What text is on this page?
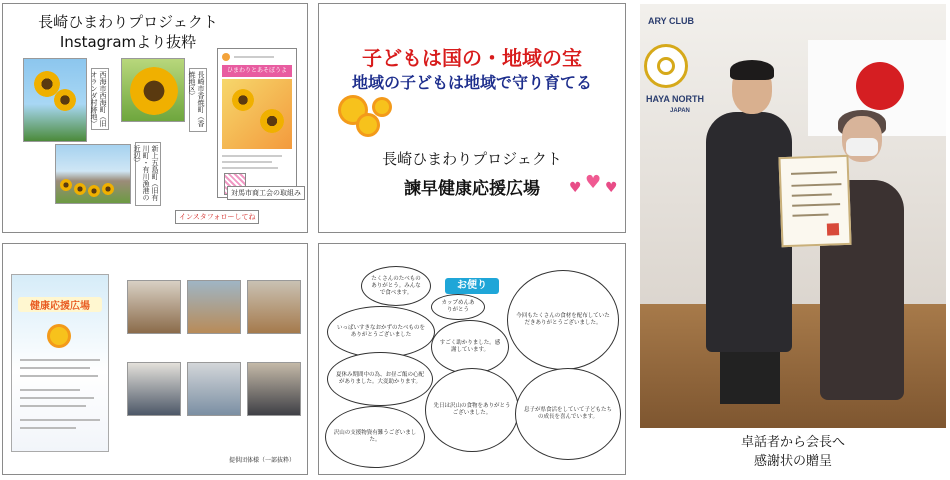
長崎ひまわりプロジェクト
Instagramより抜粋
西海市西海町（旧オランダ村跡地）	長崎市香焼町（香焼地区）
新上五島町（旧有川町・有川漁港の近辺）
ひまわりとあそぼうよ
対馬市商工会の取組み
インスタフォローしてね
子どもは国の・地域の宝
地域の子どもは地域で守り育てる
長崎ひまわりプロジェクト
諫早健康応援広場	♥ ♥ ♥
健康応援広場
提供団体様（一部抜粋）
お便り
たくさんのたべものありがとう。みんなで食べます。
カップめんありがとう
いっぱいすきなおかずのたべものをありがとうございました
すごく助かりました。感謝しています。
夏休み期間中の為、お昼ご飯の心配がありました。大変助かります。
先日は沢山の食物をありがとうございました。
沢山の支援物資有難うございました。
今回もたくさんの食材を配布していただきありがとうございました。
息子が県食活をしていて子どもたちの成長を喜んでいます。
ARY CLUB
HAYA NORTH
JAPAN
卓話者から会長へ
感謝状の贈呈
